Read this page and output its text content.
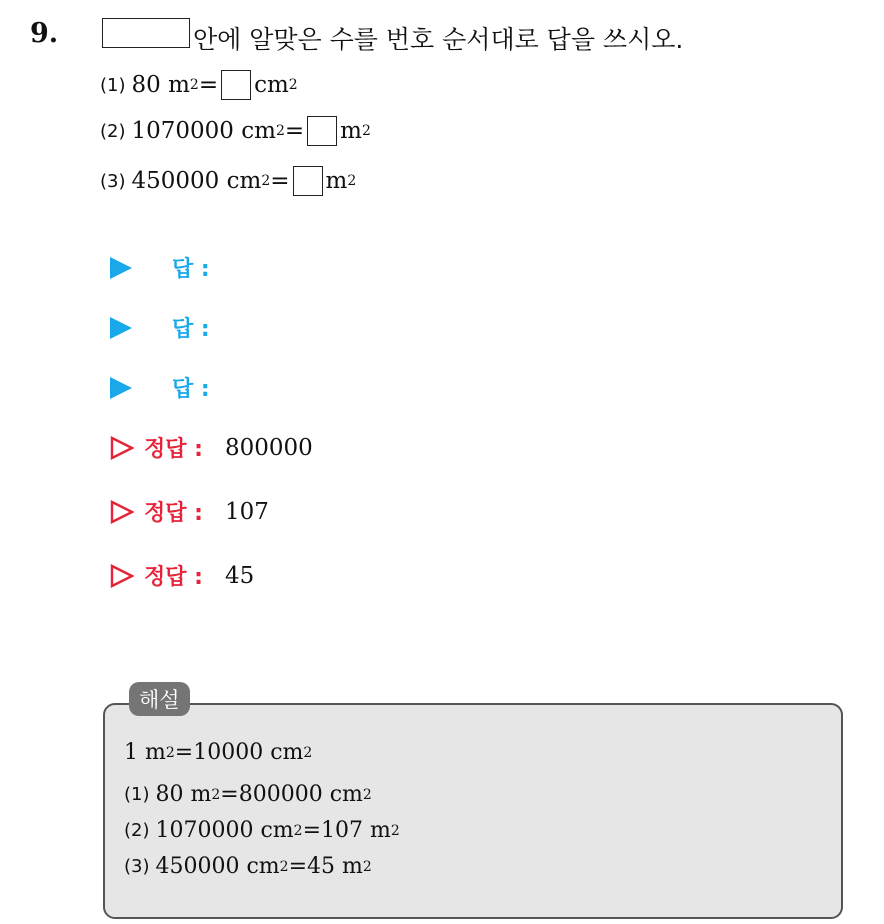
9.	안에 알맞은 수를 번호 순서대로 답을 쓰시오.
(1) 80 m 2 = cm 2
(2) 1070000 cm 2 = m 2
(3) 450000 cm 2 = m 2
답 :
답 :
답 :
정답 : 800000
정답 : 107
정답 : 45
해설
1 m 2 = 10000 cm 2
(1) 80 m 2 = 800000 cm 2
(2) 1070000 cm 2 = 107 m 2
(3) 450000 cm 2 = 45 m 2
